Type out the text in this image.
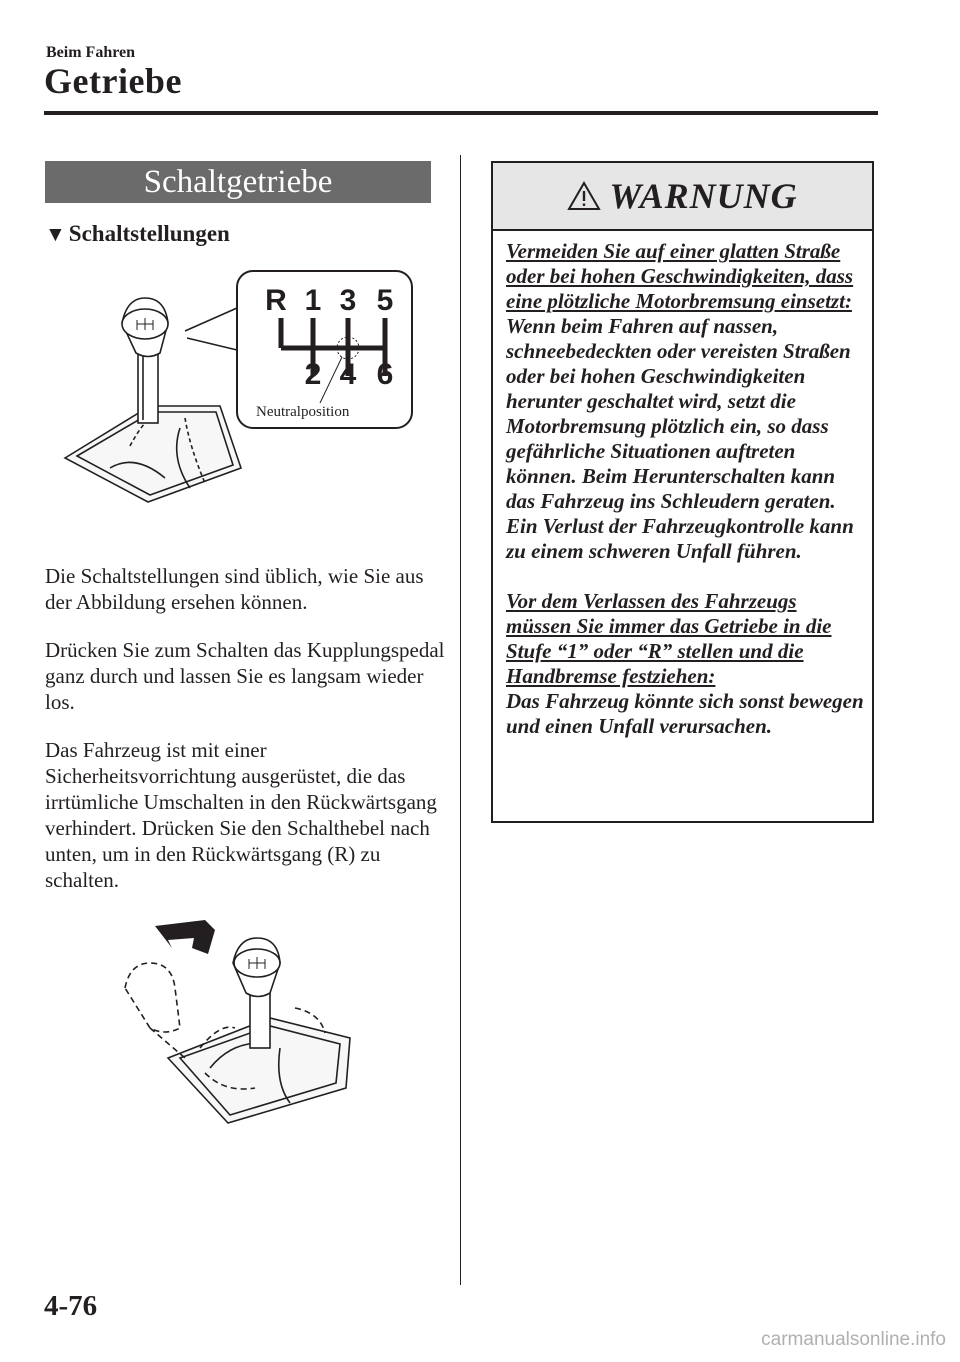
Beim Fahren
Getriebe
Schaltgetriebe
▼ Schaltstellungen
R 1 3 5
2 4 6
Neutralposition

Die Schaltstellungen sind üblich, wie Sie aus der Abbildung ersehen können.

Drücken Sie zum Schalten das Kupplungspedal ganz durch und lassen Sie es langsam wieder los.

Das Fahrzeug ist mit einer Sicherheitsvorrichtung ausgerüstet, die das irrtümliche Umschalten in den Rückwärtsgang verhindert. Drücken Sie den Schalthebel nach unten, um in den Rückwärtsgang (R) zu schalten.

WARNUNG

Vermeiden Sie auf einer glatten Straße oder bei hohen Geschwindigkeiten, dass eine plötzliche Motorbremsung einsetzt:

Wenn beim Fahren auf nassen, schneebedeckten oder vereisten Straßen oder bei hohen Geschwindigkeiten herunter geschaltet wird, setzt die Motorbremsung plötzlich ein, so dass gefährliche Situationen auftreten können. Beim Herunterschalten kann das Fahrzeug ins Schleudern geraten. Ein Verlust der Fahrzeugkontrolle kann zu einem schweren Unfall führen.

Vor dem Verlassen des Fahrzeugs müssen Sie immer das Getriebe in die Stufe “1” oder “R” stellen und die Handbremse festziehen:

Das Fahrzeug könnte sich sonst bewegen und einen Unfall verursachen.

4-76
carmanualsonline.info
